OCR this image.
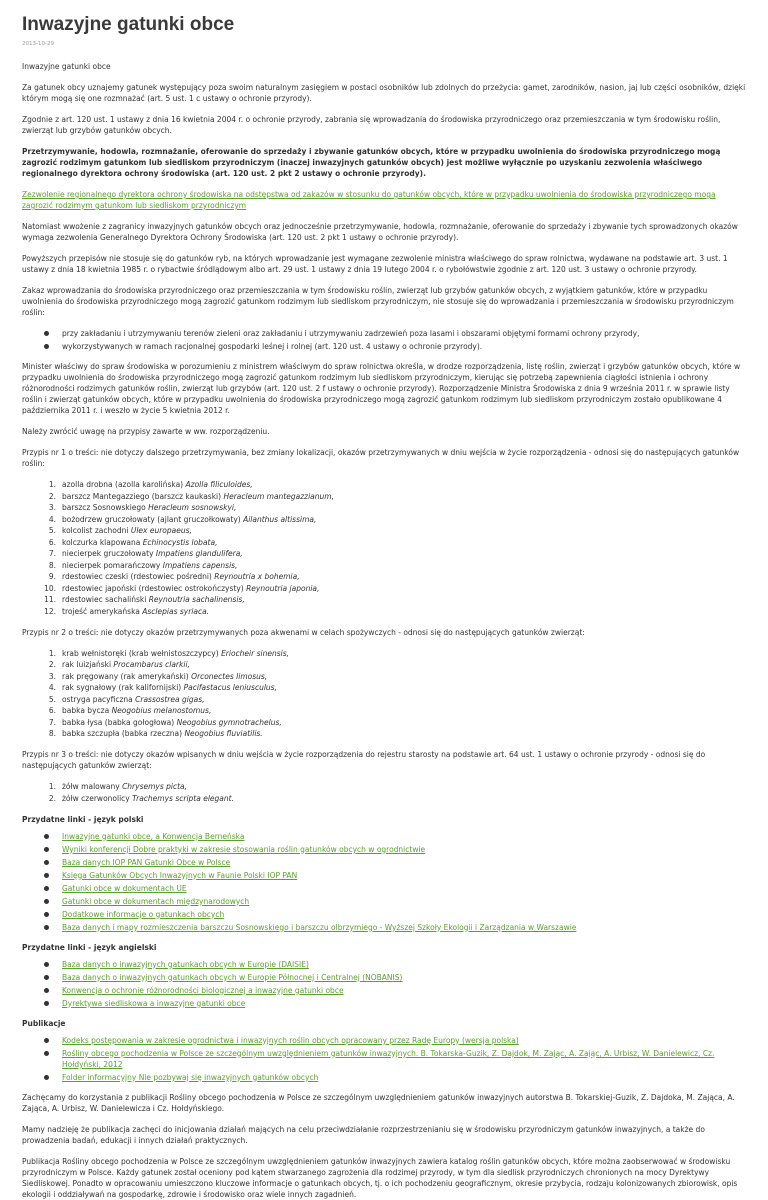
Inwazyjne gatunki obce
2013-10-29

Inwazyjne gatunki obce

Za gatunek obcy uznajemy gatunek występujący poza swoim naturalnym zasięgiem w postaci osobników lub zdolnych do przeżycia: gamet, zarodników, nasion, jaj lub części osobników, dzięki którym mogą się one rozmnażać (art. 5 ust. 1 c ustawy o ochronie przyrody).

Zgodnie z art. 120 ust. 1 ustawy z dnia 16 kwietnia 2004 r. o ochronie przyrody, zabrania się wprowadzania do środowiska przyrodniczego oraz przemieszczania w tym środowisku roślin, zwierząt lub grzybów gatunków obcych.

Przetrzymywanie, hodowla, rozmnażanie, oferowanie do sprzedaży i zbywanie gatunków obcych, które w przypadku uwolnienia do środowiska przyrodniczego mogą zagrozić rodzimym gatunkom lub siedliskom przyrodniczym (inaczej inwazyjnych gatunków obcych) jest możliwe wyłącznie po uzyskaniu zezwolenia właściwego regionalnego dyrektora ochrony środowiska (art. 120 ust. 2 pkt 2 ustawy o ochronie przyrody).

Zezwolenie regionalnego dyrektora ochrony środowiska na odstępstwa od zakazów w stosunku do gatunków obcych, które w przypadku uwolnienia do środowiska przyrodniczego mogą zagrozić rodzimym gatunkom lub siedliskom przyrodniczym

Natomiast wwożenie z zagranicy inwazyjnych gatunków obcych oraz jednocześnie przetrzymywanie, hodowla, rozmnażanie, oferowanie do sprzedaży i zbywanie tych sprowadzonych okazów wymaga zezwolenia Generalnego Dyrektora Ochrony Środowiska (art. 120 ust. 2 pkt 1 ustawy o ochronie przyrody).

Powyższych przepisów nie stosuje się do gatunków ryb, na których wprowadzanie jest wymagane zezwolenie ministra właściwego do spraw rolnictwa, wydawane na podstawie art. 3 ust. 1 ustawy z dnia 18 kwietnia 1985 r. o rybactwie śródlądowym albo art. 29 ust. 1 ustawy z dnia 19 lutego 2004 r. o rybołówstwie zgodnie z art. 120 ust. 3 ustawy o ochronie przyrody.

Zakaz wprowadzania do środowiska przyrodniczego oraz przemieszczania w tym środowisku roślin, zwierząt lub grzybów gatunków obcych, z wyjątkiem gatunków, które w przypadku uwolnienia do środowiska przyrodniczego mogą zagrozić gatunkom rodzimym lub siedliskom przyrodniczym, nie stosuje się do wprowadzania i przemieszczania w środowisku przyrodniczym roślin:

przy zakładaniu i utrzymywaniu terenów zieleni oraz zakładaniu i utrzymywaniu zadrzewień poza lasami i obszarami objętymi formami ochrony przyrody,
wykorzystywanych w ramach racjonalnej gospodarki leśnej i rolnej (art. 120 ust. 4 ustawy o ochronie przyrody).

Minister właściwy do spraw środowiska w porozumieniu z ministrem właściwym do spraw rolnictwa określa, w drodze rozporządzenia, listę roślin, zwierząt i grzybów gatunków obcych, które w przypadku uwolnienia do środowiska przyrodniczego mogą zagrozić gatunkom rodzimym lub siedliskom przyrodniczym, kierując się potrzebą zapewnienia ciągłości istnienia i ochrony różnorodności rodzimych gatunków roślin, zwierząt lub grzybów (art. 120 ust. 2 f ustawy o ochronie przyrody). Rozporządzenie Ministra Środowiska z dnia 9 września 2011 r. w sprawie listy roślin i zwierząt gatunków obcych, które w przypadku uwolnienia do środowiska przyrodniczego mogą zagrozić gatunkom rodzimym lub siedliskom przyrodniczym zostało opublikowane 4 października 2011 r. i weszło w życie 5 kwietnia 2012 r.

Należy zwrócić uwagę na przypisy zawarte w ww. rozporządzeniu.

Przypis nr 1 o treści: nie dotyczy dalszego przetrzymywania, bez zmiany lokalizacji, okazów przetrzymywanych w dniu wejścia w życie rozporządzenia - odnosi się do następujących gatunków roślin:

1. azolla drobna (azolla karolińska) Azolla filiculoides,
2. barszcz Mantegazziego (barszcz kaukaski) Heracleum mantegazzianum,
3. barszcz Sosnowskiego Heracleum sosnowskyi,
4. bożodrzew gruczołowaty (ajlant gruczołkowaty) Ailanthus altissima,
5. kolcolist zachodni Ulex europaeus,
6. kolczurka klapowana Echinocystis lobata,
7. niecierpek gruczołowaty Impatiens glandulifera,
8. niecierpek pomarańczowy Impatiens capensis,
9. rdestowiec czeski (rdestowiec pośredni) Reynoutria x bohemia,
10. rdestowiec japoński (rdestowiec ostrokończysty) Reynoutria japonia,
11. rdestowiec sachaliński Reynoutria sachalinensis,
12. trojeść amerykańska Asclepias syriaca.

Przypis nr 2 o treści: nie dotyczy okazów przetrzymywanych poza akwenami w celach spożywczych - odnosi się do następujących gatunków zwierząt:

1. krab wełnistoręki (krab wełnistoszczypcy) Eriocheir sinensis,
2. rak luizjański Procambarus clarkii,
3. rak pręgowany (rak amerykański) Orconectes limosus,
4. rak sygnałowy (rak kalifornijski) Pacifastacus leniusculus,
5. ostryga pacyficzna Crassostrea gigas,
6. babka bycza Neogobius melanostomus,
7. babka łysa (babka gołogłowa) Neogobius gymnotrachelus,
8. babka szczupła (babka rzeczna) Neogobius fluviatilis.

Przypis nr 3 o treści: nie dotyczy okazów wpisanych w dniu wejścia w życie rozporządzenia do rejestru starosty na podstawie art. 64 ust. 1 ustawy o ochronie przyrody - odnosi się do następujących gatunków zwierząt:

1. żółw malowany Chrysemys picta,
2. żółw czerwonolicy Trachemys scripta elegant.
Przydatne linki - język polski
Inwazyjne gatunki obce, a Konwencja Berneńska
Wyniki konferencji Dobre praktyki w zakresie stosowania roślin gatunków obcych w ogrodnictwie
Baza danych IOP PAN Gatunki Obce w Polsce
Księga Gatunków Obcych Inwazyjnych w Faunie Polski IOP PAN
Gatunki obce w dokumentach UE
Gatunki obce w dokumentach międzynarodowych
Dodatkowe informacje o gatunkach obcych
Baza danych i mapy rozmieszczenia barszczu Sosnowskiego i barszczu olbrzymiego - Wyższej Szkoły Ekologii i Zarządzania w Warszawie
Przydatne linki - język angielski
Baza danych o inwazyjnych gatunkach obcych w Europie (DAISIE)
Baza danych o inwazyjnych gatunkach obcych w Europie Północnej i Centralnej (NOBANIS)
Konwencja o ochronie różnorodności biologicznej a inwazyjne gatunki obce
Dyrektywa siedliskowa a inwazyjne gatunki obce
Publikacje
Kodeks postępowania w zakresie ogrodnictwa i inwazyjnych roślin obcych opracowany przez Radę Europy (wersja polska)
Rośliny obcego pochodzenia w Polsce ze szczególnym uwzględnieniem gatunków inwazyjnych. B. Tokarska-Guzik, Z. Dajdok, M. Zając, A. Zając, A. Urbisz, W. Danielewicz, Cz. Hołdyński, 2012
Folder informacyjny Nie pozbywaj się inwazyjnych gatunków obcych

Zachęcamy do korzystania z publikacji Rośliny obcego pochodzenia w Polsce ze szczególnym uwzględnieniem gatunków inwazyjnych autorstwa B. Tokarskiej-Guzik, Z. Dajdoka, M. Zająca, A. Zająca, A. Urbisz, W. Danielewicza i Cz. Hołdyńskiego.

Mamy nadzieję że publikacja zachęci do inicjowania działań mających na celu przeciwdziałanie rozprzestrzenianiu się w środowisku przyrodniczym gatunków inwazyjnych, a także do prowadzenia badań, edukacji i innych działań praktycznych.

Publikacja Rośliny obcego pochodzenia w Polsce ze szczególnym uwzględnieniem gatunków inwazyjnych zawiera katalog roślin gatunków obcych, które można zaobserwować w środowisku przyrodniczym w Polsce. Każdy gatunek został oceniony pod kątem stwarzanego zagrożenia dla rodzimej przyrody, w tym dla siedlisk przyrodniczych chronionych na mocy Dyrektywy Siedliskowej. Ponadto w opracowaniu umieszczono kluczowe informacje o gatunkach obcych, tj. o ich pochodzeniu geograficznym, okresie przybycia, rodzaju kolonizowanych zbiorowisk, opis ekologii i oddziaływań na gospodarkę, zdrowie i środowisko oraz wiele innych zagadnień.
